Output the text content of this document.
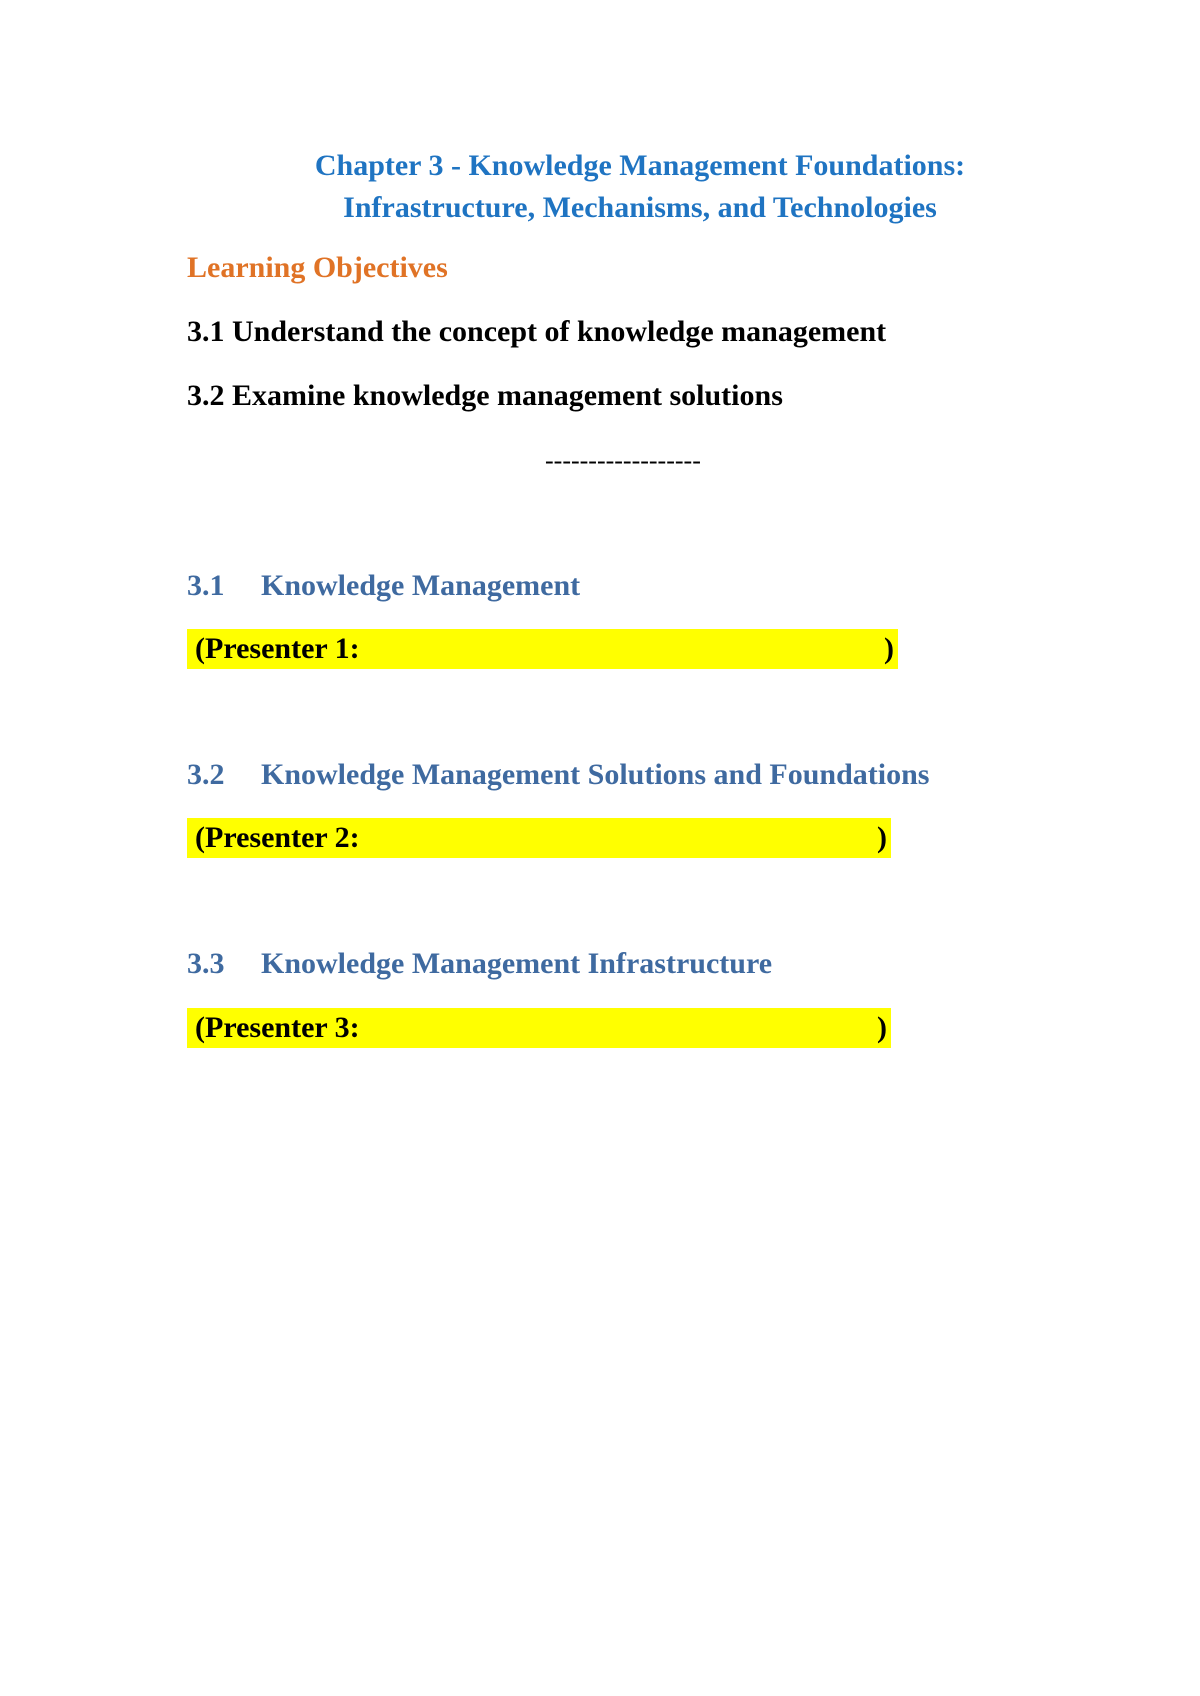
Chapter 3 - Knowledge Management Foundations:
Infrastructure, Mechanisms, and Technologies
Learning Objectives
3.1 Understand the concept of knowledge management
3.2 Examine knowledge management solutions
------------------
3.1 Knowledge Management
(Presenter 1:	)
3.2 Knowledge Management Solutions and Foundations
(Presenter 2:	)
3.3 Knowledge Management Infrastructure
(Presenter 3:	)
